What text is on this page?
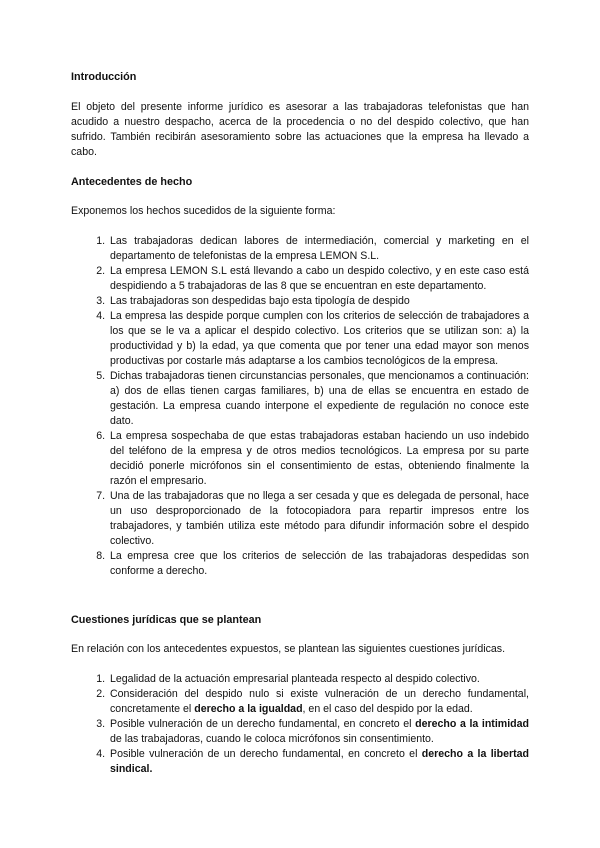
Introducción

El objeto del presente informe jurídico es asesorar a las trabajadoras telefonistas que han acudido a nuestro despacho, acerca de la procedencia o no del despido colectivo, que han sufrido. También recibirán asesoramiento sobre las actuaciones que la empresa ha llevado a cabo.

Antecedentes de hecho

Exponemos los hechos sucedidos de la siguiente forma:

1. Las trabajadoras dedican labores de intermediación, comercial y marketing en el departamento de telefonistas de la empresa LEMON S.L.
2. La empresa LEMON S.L está llevando a cabo un despido colectivo, y en este caso está despidiendo a 5 trabajadoras de las 8 que se encuentran en este departamento.
3. Las trabajadoras son despedidas bajo esta tipología de despido
4. La empresa las despide porque cumplen con los criterios de selección de trabajadores a los que se le va a aplicar el despido colectivo. Los criterios que se utilizan son: a) la productividad y b) la edad, ya que comenta que por tener una edad mayor son menos productivas por costarle más adaptarse a los cambios tecnológicos de la empresa.
5. Dichas trabajadoras tienen circunstancias personales, que mencionamos a continuación: a) dos de ellas tienen cargas familiares, b) una de ellas se encuentra en estado de gestación. La empresa cuando interpone el expediente de regulación no conoce este dato.
6. La empresa sospechaba de que estas trabajadoras estaban haciendo un uso indebido del teléfono de la empresa y de otros medios tecnológicos. La empresa por su parte decidió ponerle micrófonos sin el consentimiento de estas, obteniendo finalmente la razón el empresario.
7. Una de las trabajadoras que no llega a ser cesada y que es delegada de personal, hace un uso desproporcionado de la fotocopiadora para repartir impresos entre los trabajadores, y también utiliza este método para difundir información sobre el despido colectivo.
8. La empresa cree que los criterios de selección de las trabajadoras despedidas son conforme a derecho.
Cuestiones jurídicas que se plantean

En relación con los antecedentes expuestos, se plantean las siguientes cuestiones jurídicas.

1. Legalidad de la actuación empresarial planteada respecto al despido colectivo.
2. Consideración del despido nulo si existe vulneración de un derecho fundamental, concretamente el derecho a la igualdad, en el caso del despido por la edad.
3. Posible vulneración de un derecho fundamental, en concreto el derecho a la intimidad de las trabajadoras, cuando le coloca micrófonos sin consentimiento.
4. Posible vulneración de un derecho fundamental, en concreto el derecho a la libertad sindical.
